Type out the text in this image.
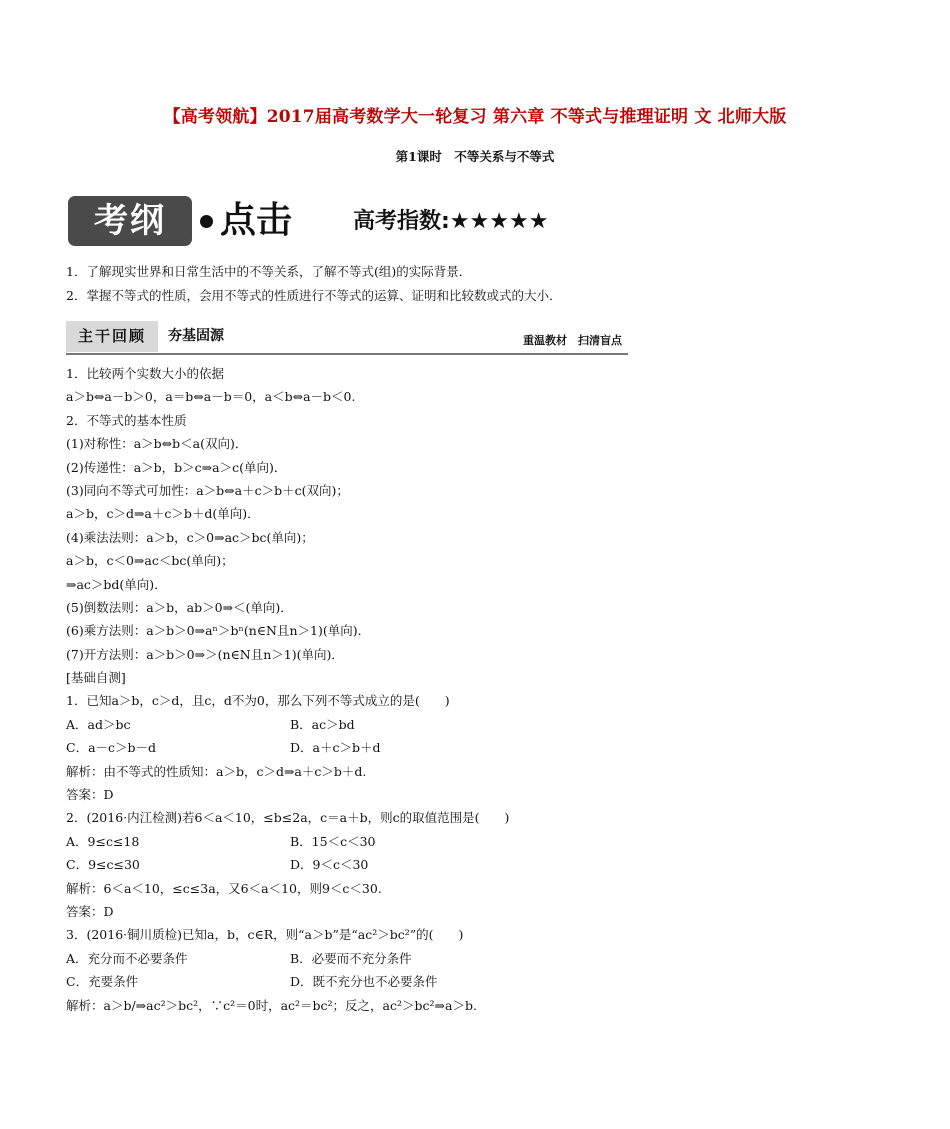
【高考领航】2017届高考数学大一轮复习 第六章 不等式与推理证明 文 北师大版
第1课时　不等关系与不等式
考纲	点击	高考指数:★★★★★
1．了解现实世界和日常生活中的不等关系，了解不等式(组)的实际背景．
2．掌握不等式的性质，会用不等式的性质进行不等式的运算、证明和比较数或式的大小．
主干回顾	夯基固源	重温教材　扫清盲点
1．比较两个实数大小的依据
a＞b⇔a－b＞0，a＝b⇔a－b＝0，a＜b⇔a－b＜0.
2．不等式的基本性质
(1)对称性：a＞b⇔b＜a(双向)．
(2)传递性：a＞b，b＞c⇒a＞c(单向)．
(3)同向不等式可加性：a＞b⇔a＋c＞b＋c(双向)；
a＞b，c＞d⇒a＋c＞b＋d(单向)．
(4)乘法法则：a＞b，c＞0⇒ac＞bc(单向)；
a＞b，c＜0⇒ac＜bc(单向)；
⇒ac＞bd(单向)．
(5)倒数法则：a＞b，ab＞0⇒＜(单向)．
(6)乘方法则：a＞b＞0⇒aⁿ＞bⁿ(n∈N且n＞1)(单向)．
(7)开方法则：a＞b＞0⇒＞(n∈N且n＞1)(单向)．
[基础自测]
1．已知a＞b，c＞d，且c，d不为0，那么下列不等式成立的是(　　)
A．ad＞bc	B．ac＞bd
C．a－c＞b－d	D．a＋c＞b＋d
解析：由不等式的性质知：a＞b，c＞d⇒a＋c＞b＋d.
答案：D
2．(2016·内江检测)若6＜a＜10，≤b≤2a，c＝a＋b，则c的取值范围是(　　)
A．9≤c≤18	B．15＜c＜30
C．9≤c≤30	D．9＜c＜30
解析：6＜a＜10，≤c≤3a，又6＜a＜10，则9＜c＜30.
答案：D
3．(2016·铜川质检)已知a，b，c∈R，则“a＞b”是“ac²＞bc²”的(　　)
A．充分而不必要条件	B．必要而不充分条件
C．充要条件	D．既不充分也不必要条件
解析：a＞b/⇒ac²＞bc²，∵c²＝0时，ac²＝bc²；反之，ac²＞bc²⇒a＞b.
